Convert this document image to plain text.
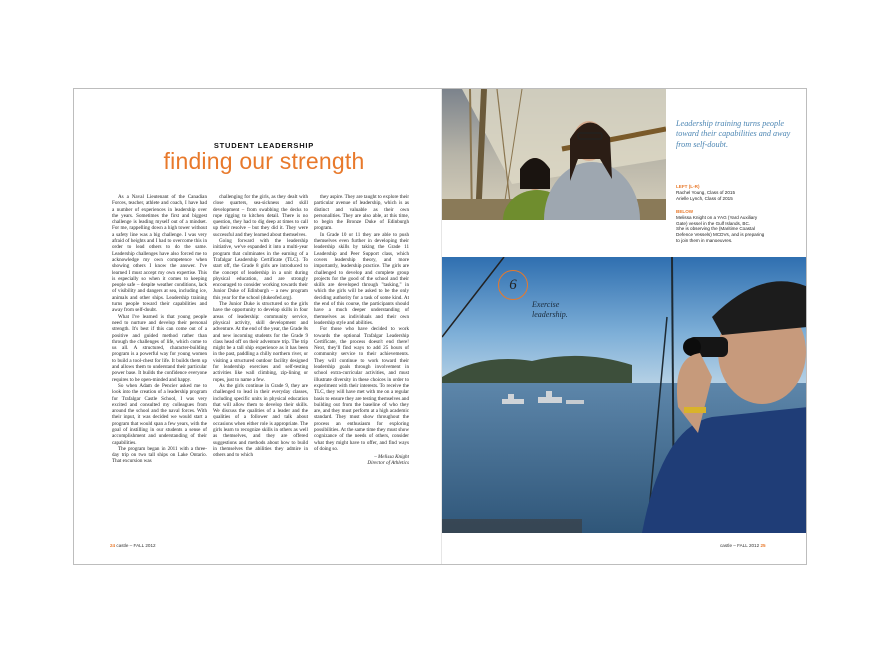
STUDENT LEADERSHIP
finding our strength

As a Naval Lieutenant of the Canadian Forces, teacher, athlete and coach, I have had a number of experiences in leadership over the years. Sometimes the first and biggest challenge is leading myself out of a mindset. For me, rappelling down a high tower without a safety line was a big challenge. I was very afraid of heights and I had to overcome this in order to lead others to do the same. Leadership challenges have also forced me to acknowledge my own competence when showing others I know the answer. I've learned I must accept my own expertise. This is especially so when it comes to keeping people safe – despite weather conditions, lack of visibility and dangers at sea, including ice, animals and other ships. Leadership training turns people toward their capabilities and away from self-doubt.

What I've learned is that young people need to nurture and develop their personal strength. It's best if this can come out of a positive and guided method rather than through the challenges of life, which come to us all. A structured, character-building program is a powerful way for young women to build a tool-chest for life. It builds them up and allows them to understand their particular power base. It builds the confidence everyone requires to be open-minded and happy.

So when Adam de Pencier asked me to look into the creation of a leadership program for Trafalgar Castle School, I was very excited and consulted my colleagues from around the school and the naval forces. With their input, it was decided we would start a program that would span a few years, with the goal of instilling in our students a sense of accomplishment and understanding of their capabilities.

The program began in 2011 with a three-day trip on two tall ships on Lake Ontario. That excursion was

challenging for the girls, as they dealt with close quarters, sea-sickness and skill development – from swabbing the decks to rope rigging to kitchen detail. There is no question, they had to dig deep at times to call up their resolve – but they did it. They were successful and they learned about themselves.

Going forward with the leadership initiative, we've expanded it into a multi-year program that culminates in the earning of a Trafalgar Leadership Certificate (TLC). To start off, the Grade 8 girls are introduced to the concept of leadership in a unit during physical education, and are strongly encouraged to consider working towards their Junior Duke of Edinburgh – a new program this year for the school (dukeofed.org).

The Junior Duke is structured so the girls have the opportunity to develop skills in four areas of leadership: community service, physical activity, skill development and adventure. At the end of the year, the Grade 8s and new incoming students for the Grade 9 class head off on their adventure trip. The trip might be a tall ship experience as it has been in the past, paddling a chilly northern river, or visiting a structured outdoor facility designed for leadership exercises and self-testing activities like wall climbing, zip-lining or ropes, just to name a few.

As the girls continue in Grade 9, they are challenged to lead in their everyday classes, including specific units in physical education that will allow them to develop their skills. We discuss the qualities of a leader and the qualities of a follower and talk about occasions when either role is appropriate. The girls learn to recognize skills in others as well as themselves, and they are offered suggestions and methods about how to build in themselves the abilities they admire in others and to which

they aspire. They are taught to explore their particular avenue of leadership, which is as distinct and valuable as their own personalities. They are also able, at this time, to begin the Bronze Duke of Edinburgh program.

In Grade 10 or 11 they are able to push themselves even further in developing their leadership skills by taking the Grade 11 Leadership and Peer Support class, which covers leadership theory, and more importantly, leadership practice. The girls are challenged to develop and complete group projects for the good of the school and their skills are developed through "tasking," in which the girls will be asked to be the only deciding authority for a task of some kind. At the end of this course, the participants should have a much deeper understanding of themselves as individuals and their own leadership style and abilities.

For those who have decided to work towards the optional Trafalgar Leadership Certificate, the process doesn't end there! Next, they'll find ways to add 25 hours of community service to their achievements. They will continue to work toward their leadership goals through involvement in school extra-curricular activities, and must illustrate diversity in these choices in order to experiment with their interests. To receive the TLC, they will have met with me on a regular basis to ensure they are testing themselves and building out from the baseline of who they are, and they must perform at a high academic standard. They must show throughout the process an enthusiasm for exploring possibilities. At the same time they must show cognizance of the needs of others, consider what they might have to offer, and find ways of doing so.

– Melissa Knight
Director of Athletics
24 castle – FALL 2012
Leadership training turns people toward their capabilities and away from self-doubt.
LEFT (L-R)
Rachel Young, Class of 2015
Arielle Lynch, Class of 2015
BELOW
Melissa Knight on a YAG (Yard Auxiliary
Gate) vessel in the Gulf Islands, BC.
She is observing the (Maritime Coastal
Defence Vessels) MCDVs, and is preparing
to join them in manoeuvres.
6
Exercise leadership.
castle – FALL 2012 25
